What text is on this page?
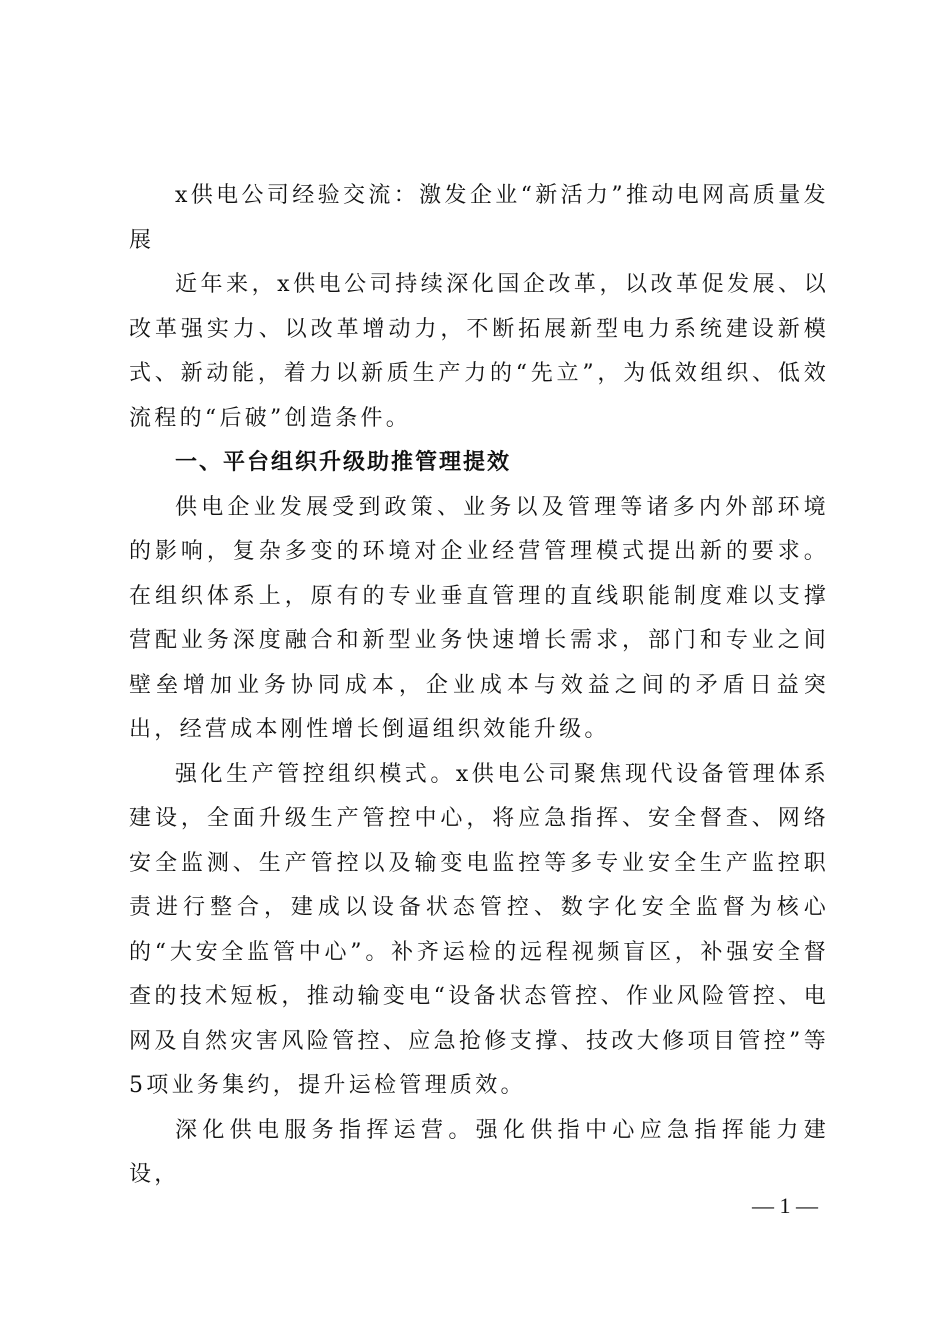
x供电公司经验交流：激发企业“新活力”推动电网高质量发展

近年来，x供电公司持续深化国企改革，以改革促发展、以改革强实力、以改革增动力，不断拓展新型电力系统建设新模式、新动能，着力以新质生产力的“先立”，为低效组织、低效流程的“后破”创造条件。

一、平台组织升级助推管理提效

供电企业发展受到政策、业务以及管理等诸多内外部环境的影响，复杂多变的环境对企业经营管理模式提出新的要求。在组织体系上，原有的专业垂直管理的直线职能制度难以支撑营配业务深度融合和新型业务快速增长需求，部门和专业之间壁垒增加业务协同成本，企业成本与效益之间的矛盾日益突出，经营成本刚性增长倒逼组织效能升级。

强化生产管控组织模式。x供电公司聚焦现代设备管理体系建设，全面升级生产管控中心，将应急指挥、安全督查、网络安全监测、生产管控以及输变电监控等多专业安全生产监控职责进行整合，建成以设备状态管控、数字化安全监督为核心的“大安全监管中心”。补齐运检的远程视频盲区，补强安全督查的技术短板，推动输变电“设备状态管控、作业风险管控、电网及自然灾害风险管控、应急抢修支撑、技改大修项目管控”等5项业务集约，提升运检管理质效。

深化供电服务指挥运营。强化供指中心应急指挥能力建设，

— 1 —
